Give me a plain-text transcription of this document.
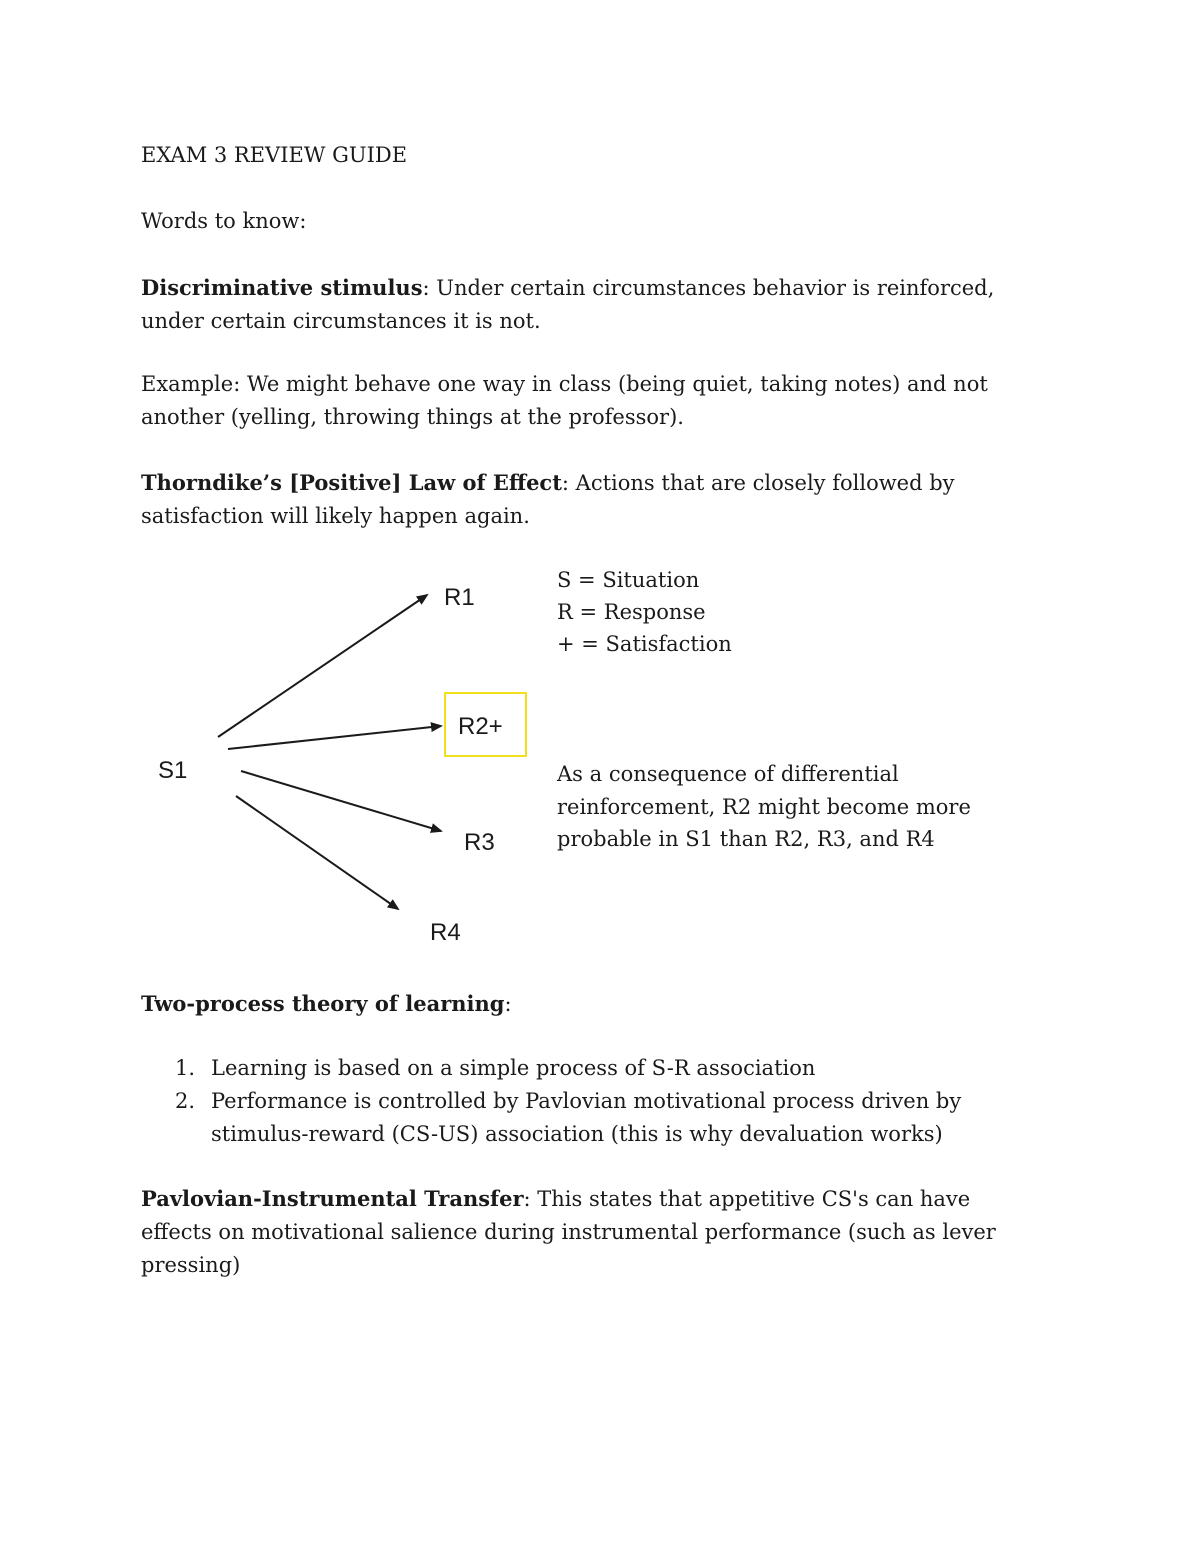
EXAM 3 REVIEW GUIDE
Words to know:
Discriminative stimulus: Under certain circumstances behavior is reinforced, under certain circumstances it is not.
Example: We might behave one way in class (being quiet, taking notes) and not another (yelling, throwing things at the professor).
Thorndike’s [Positive] Law of Effect: Actions that are closely followed by satisfaction will likely happen again.
S1
R1
R2+
R3
R4
S = Situation
R = Response
+ = Satisfaction
As a consequence of differential reinforcement, R2 might become more probable in S1 than R2, R3, and R4
Two-process theory of learning:
1. Learning is based on a simple process of S-R association
2. Performance is controlled by Pavlovian motivational process driven by stimulus-reward (CS-US) association (this is why devaluation works)
Pavlovian-Instrumental Transfer: This states that appetitive CS's can have effects on motivational salience during instrumental performance (such as lever pressing)
